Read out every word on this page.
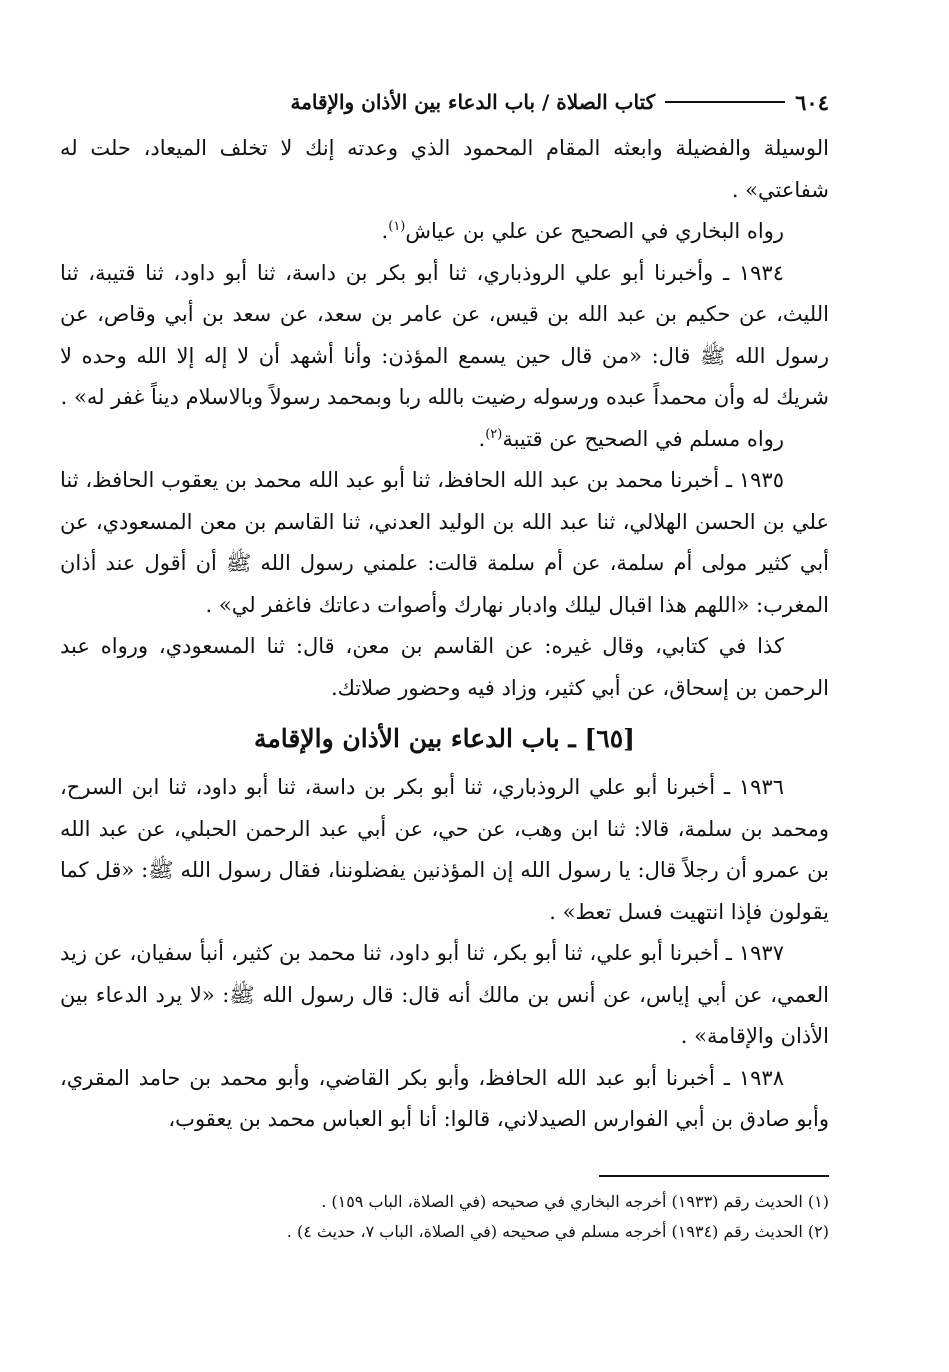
٦٠٤
كتاب الصلاة / باب الدعاء بين الأذان والإقامة

الوسيلة والفضيلة وابعثه المقام المحمود الذي وعدته إنك لا تخلف الميعاد، حلت له شفاعتي» .

رواه البخاري في الصحيح عن علي بن عياش$^{(١)}$.

١٩٣٤ ـ وأخبرنا أبو علي الروذباري، ثنا أبو بكر بن داسة، ثنا أبو داود، ثنا قتيبة، ثنا الليث، عن حكيم بن عبد الله بن قيس، عن عامر بن سعد، عن سعد بن أبي وقاص، عن رسول الله ﷺ قال: «من قال حين يسمع المؤذن: وأنا أشهد أن لا إله إلا الله وحده لا شريك له وأن محمداً عبده ورسوله رضيت بالله ربا وبمحمد رسولاً وبالاسلام ديناً غفر له» .

رواه مسلم في الصحيح عن قتيبة$^{(٢)}$.

١٩٣٥ ـ أخبرنا محمد بن عبد الله الحافظ، ثنا أبو عبد الله محمد بن يعقوب الحافظ، ثنا علي بن الحسن الهلالي، ثنا عبد الله بن الوليد العدني، ثنا القاسم بن معن المسعودي، عن أبي كثير مولى أم سلمة، عن أم سلمة قالت: علمني رسول الله ﷺ أن أقول عند أذان المغرب: «اللهم هذا اقبال ليلك وادبار نهارك وأصوات دعاتك فاغفر لي» .

كذا في كتابي، وقال غيره: عن القاسم بن معن، قال: ثنا المسعودي، ورواه عبد الرحمن بن إسحاق، عن أبي كثير، وزاد فيه وحضور صلاتك.

[٦٥] ـ باب الدعاء بين الأذان والإقامة

١٩٣٦ ـ أخبرنا أبو علي الروذباري، ثنا أبو بكر بن داسة، ثنا أبو داود، ثنا ابن السرح، ومحمد بن سلمة، قالا: ثنا ابن وهب، عن حي، عن أبي عبد الرحمن الحبلي، عن عبد الله بن عمرو أن رجلاً قال: يا رسول الله إن المؤذنين يفضلوننا، فقال رسول الله ﷺ: «قل كما يقولون فإذا انتهيت فسل تعط» .

١٩٣٧ ـ أخبرنا أبو علي، ثنا أبو بكر، ثنا أبو داود، ثنا محمد بن كثير، أنبأ سفيان، عن زيد العمي، عن أبي إياس، عن أنس بن مالك أنه قال: قال رسول الله ﷺ: «لا يرد الدعاء بين الأذان والإقامة» .

١٩٣٨ ـ أخبرنا أبو عبد الله الحافظ، وأبو بكر القاضي، وأبو محمد بن حامد المقري، وأبو صادق بن أبي الفوارس الصيدلاني، قالوا: أنا أبو العباس محمد بن يعقوب،

(١) الحديث رقم (١٩٣٣) أخرجه البخاري في صحيحه (في الصلاة، الباب ١٥٩) .

(٢) الحديث رقم (١٩٣٤) أخرجه مسلم في صحيحه (في الصلاة، الباب ٧، حديث ٤) .
